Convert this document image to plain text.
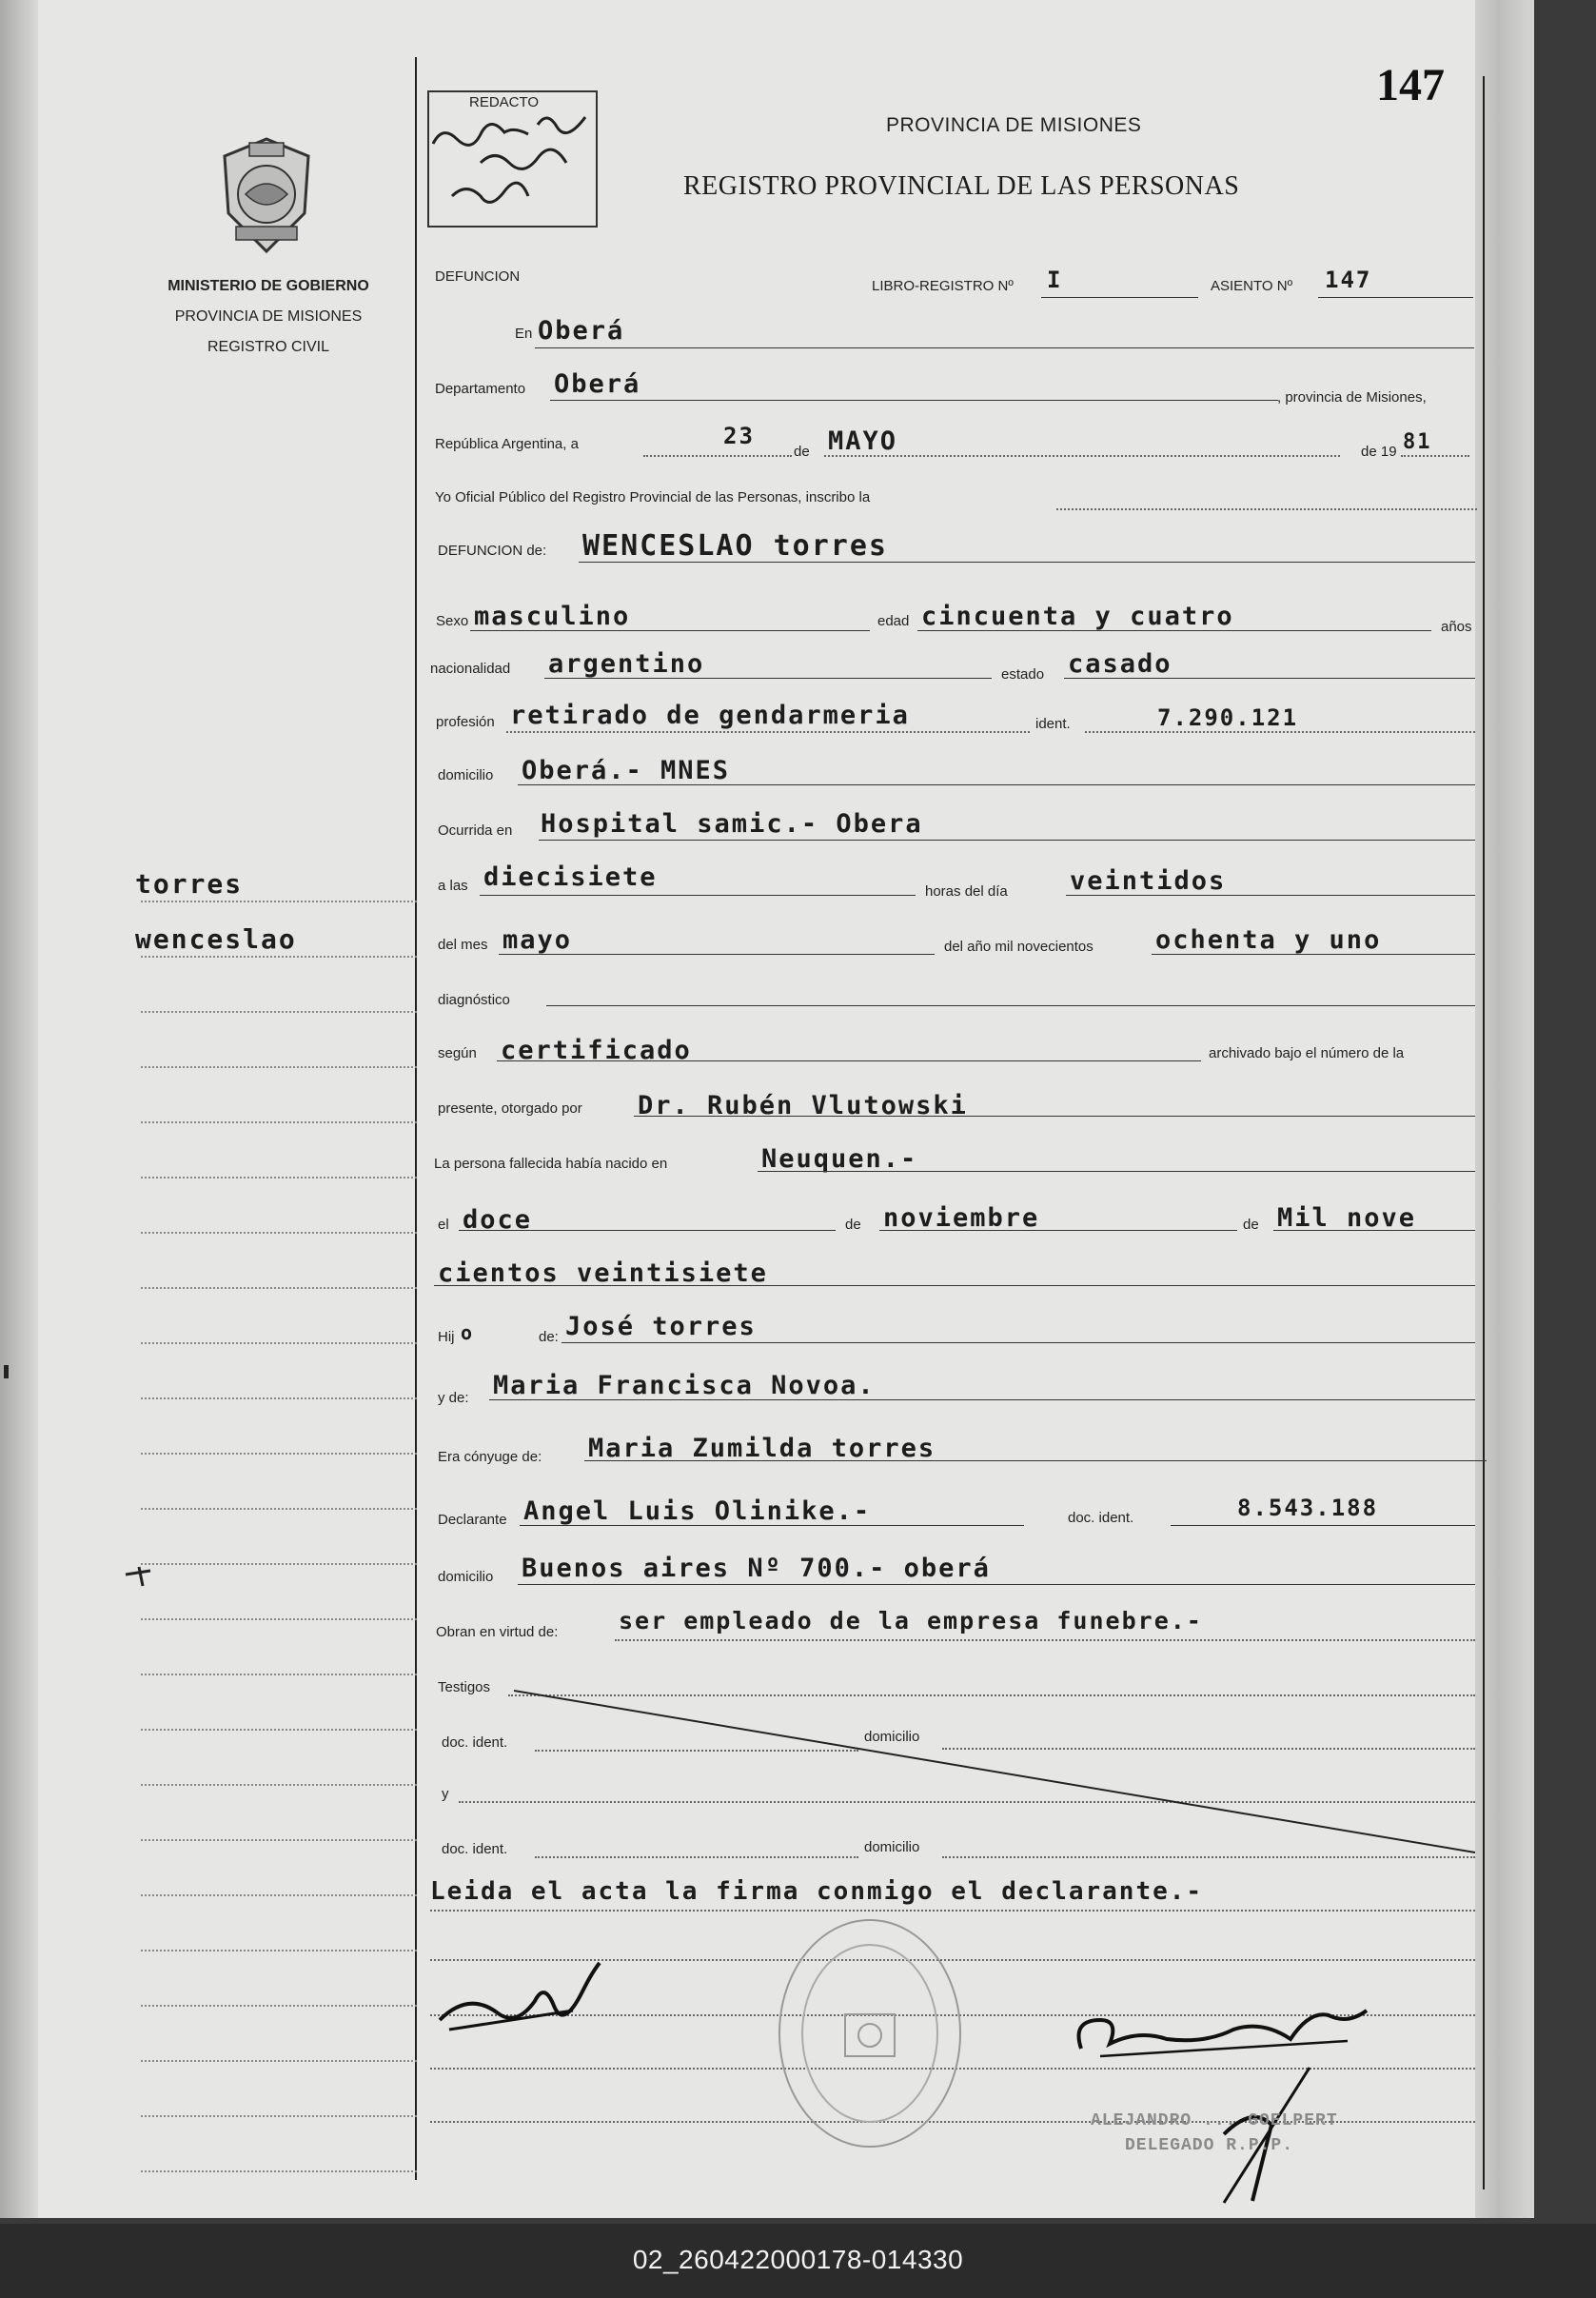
MINISTERIO DE GOBIERNO
PROVINCIA DE MISIONES
REGISTRO CIVIL
REDACTO	147
PROVINCIA DE MISIONES
REGISTRO PROVINCIAL DE LAS PERSONAS
DEFUNCION
LIBRO-REGISTRO Nº I	ASIENTO Nº 147
En Oberá
Departamento Oberá	, provincia de Misiones,
República Argentina, a	23
de MAYO	de 19 81
Yo Oficial Público del Registro Provincial de las Personas, inscribo la
DEFUNCION de: WENCESLAO torres
Sexo masculino	edad cincuenta y cuatro	años
nacionalidad argentino	estado casado
profesión retirado de gendarmeria	ident.	7.290.121
domicilio Oberá.- MNES
Ocurrida en Hospital samic.- Obera
a las diecisiete	horas del día veintidos
del mes mayo	del año mil novecientos ochenta y uno
diagnóstico
según certificado	archivado bajo el número de la
presente, otorgado por Dr. Rubén Vlutowski
La persona fallecida había nacido en	Neuquen.-
el doce	de noviembre	de Mil nove
cientos veintisiete
Hij o	de: José torres
y de: Maria Francisca Novoa.
Era cónyuge de: Maria Zumilda torres
Declarante Angel Luis Olinike.-	doc. ident.	8.543.188
domicilio Buenos aires Nº 700.- oberá
Obran en virtud de:	ser empleado de la empresa funebre.-
Testigos
doc. ident.	domicilio
y
doc. ident.	domicilio
Leida el acta la firma conmigo el declarante.-
ALEJANDRO ... GOELPERT
DELEGADO R.P.P.
torres
wenceslao
02_260422000178-014330
